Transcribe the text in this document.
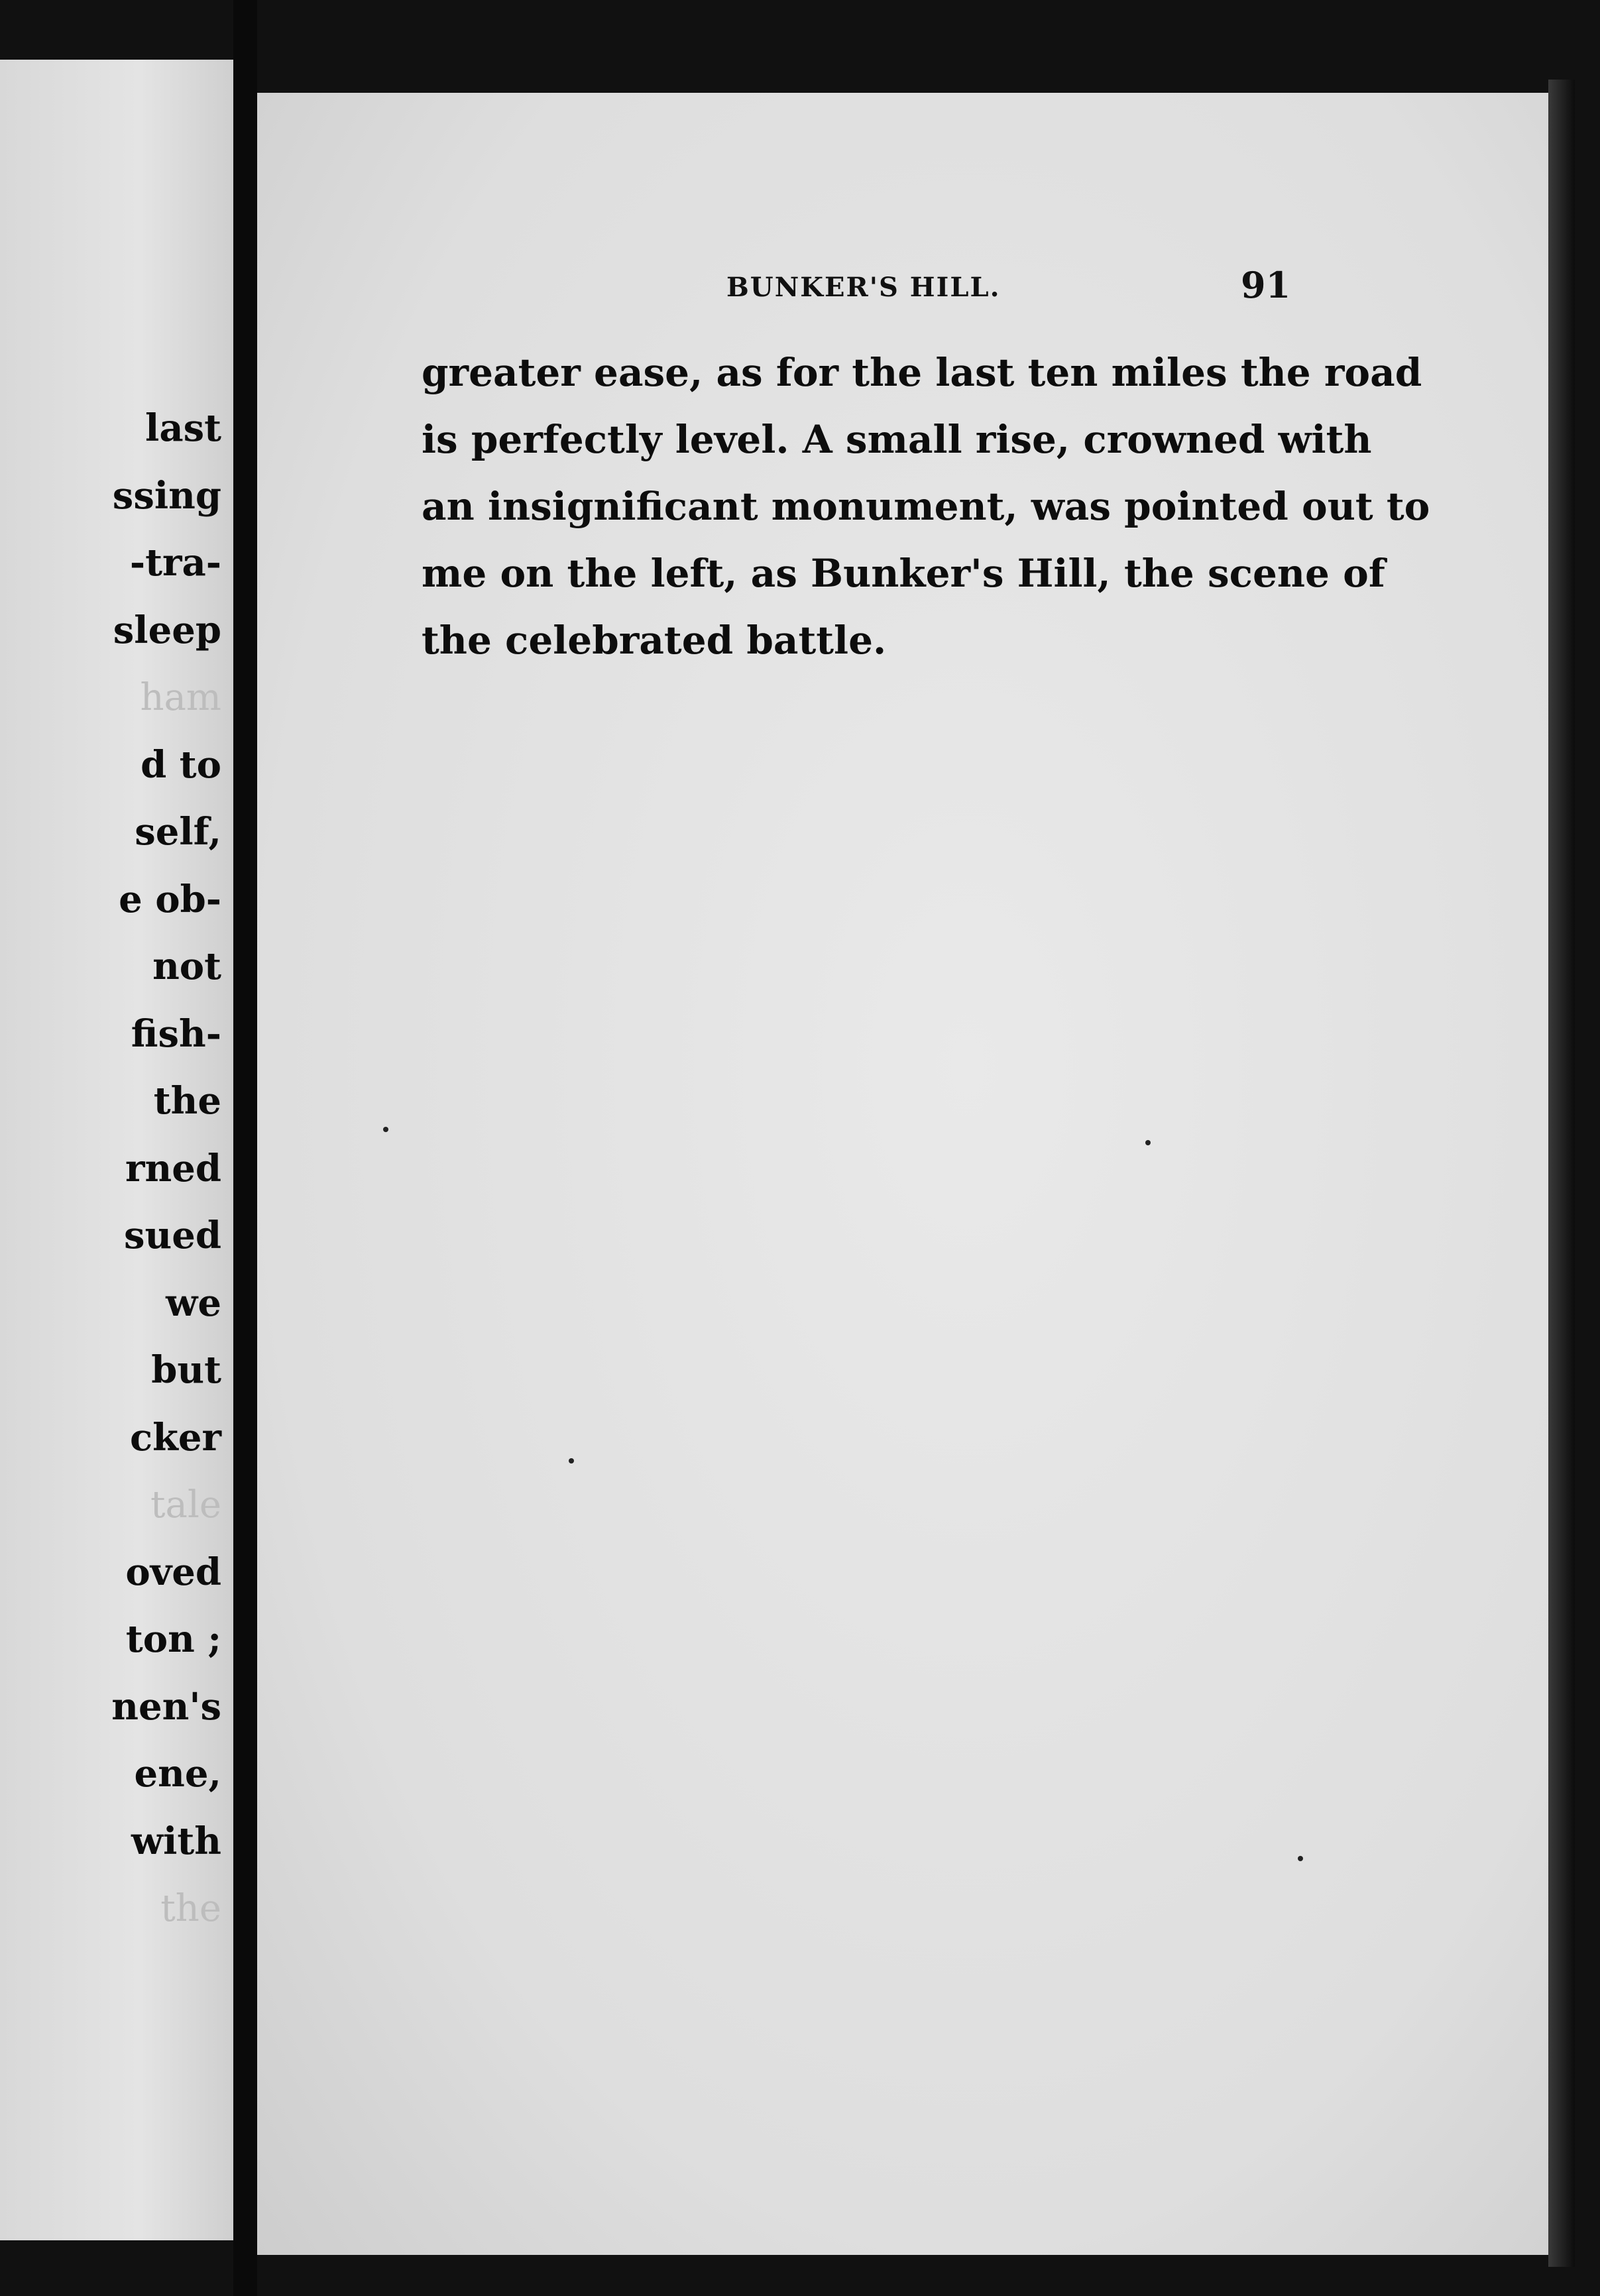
last
ssing
-tra-
sleep
ham
d to
self,
e ob-
not
fish-
the
rned
sued
we
but
cker
tale
oved
ton ;
nen's
ene,
with
the
BUNKER'S HILL.	91
greater ease, as for the last ten miles the road
is perfectly level. A small rise, crowned with
an insignificant monument, was pointed out to
me on the left, as Bunker's Hill, the scene of
the celebrated battle.
